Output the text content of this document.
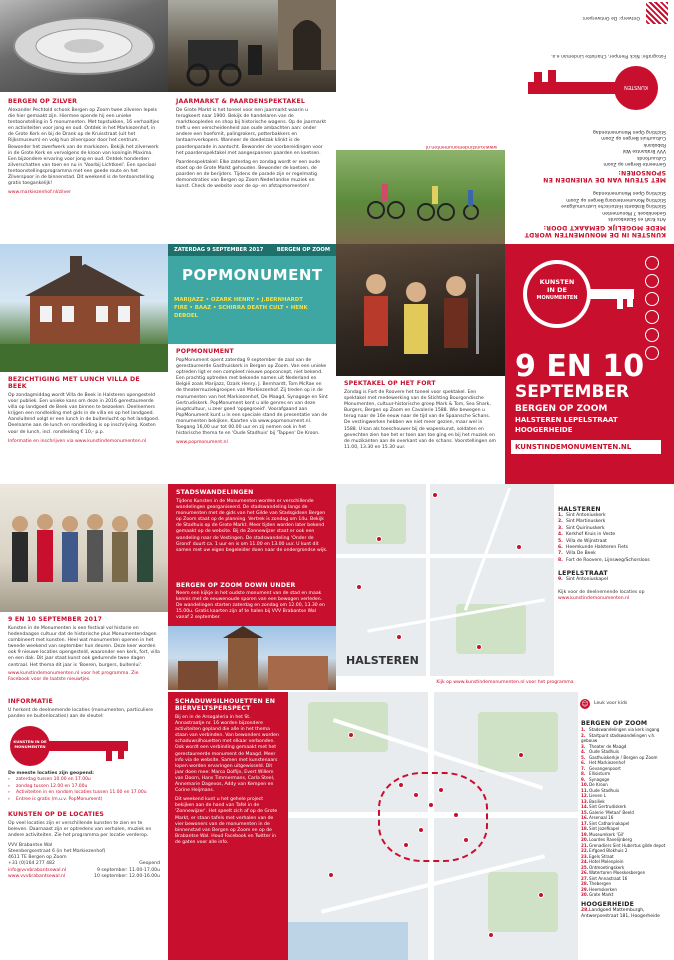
www.kunstindemonumenten.nl
KUNSTEN IN DE MONUMENTEN WORDT MEDE MOGELIJK GEMAAKT DOOR:
Arts Kraft en Skateboards
Gedenkboek 7 Monumenten
Stichting Brabants Historische Lustrumuitgave
Stichting Monumentenzorg Bergen op Zoom
Stichting Open Monumentendag
MET STEUN VAN DE VRIENDEN EN SPONSOREN:
Gemeente Bergen op Zoom
Cultuurfonds
VVV Brabantse Wal
Rabobank
Cultuurhuis Bergen op Zoom
Stichting Open Monumentendag
KUNSTEN
Fotografie: Nick Plemper, Charlotte Lindeman e.a.
Ontwerp: De Ontwerpers
BERGEN OP ZILVER
Alexander Pechtold schonk Bergen op Zoom twee zilveren lepels die hier gemaakt zijn. Hiermee opende hij een unieke tentoonstelling in 5 monumenten. Met topstukken, 16 verhaaltjes en activiteiten voor jong en oud. Ontdek in het Markiezenhof, in de Grote Kerk en bij de Drank op de Kruisstraat (uit het Rijksmuseum) en volg hun zilverspoor door het centrum. Bewonder het zwerfwerk van de markiezen. Bekijk het zilverwerk in de Grote Kerk en vervolgens de kroon van koningin Maxima. Een bijzondere ervaring voor jong en oud. Ontdek honderden zilverschatten van toen en nu in 'Voorbij Lichtkeel'. Een speciaal tentoonstellingsprogramma met een goede route en het Zilverspoor in de binnenstad. Dit weekend is de tentoonstelling gratis toegankelijk!
www.markiezenhof.nl/zilver
JAARMARKT & PAARDENSPEKTAKEL
De Grote Markt is het toneel voor een jaarmarkt waarin u terugkeert naar 1900. Bekijk de handelaren van de marktkoopleden en shop bij historische wagens. Op de jaarmarkt treft u een verscheidenheid aan oude ambachten aan: onder andere een hoefsmit, palingrokers, potterbakkers en lantaarnverkopers. Wanneer de doedelzak klinkt is de paardenparade in aantocht. Bewonder de voorbereidingen voor het paardenspektakel met aangespannen paarden en koetsen.
Paardenspektakel: Elke zaterdag en zondag wordt er een oude stoet op de Grote Markt gehouden. Bewonder de koetsen, de paarden en de berijders. Tijdens de parade zijn er regelmatig demonstraties van Bergen op Zoom Nederlandse muziek en kunst. Check de website voor de op- en afstapmomenten!
ZATERDAG 9 SEPTEMBER 2017	BERGEN OP ZOOM
POPMONUMENT
MARIJAZZ • OZARK HENRY • J.BERNHARDT
FIRE • BAAZ • SCHIRRA DEATH CULT • HENK DEBOEL
KUNSTEN
IN DE
MONUMENTEN
9 EN 10
SEPTEMBER
BERGEN OP ZOOM
HALSTEREN LEPELSTRAAT
HOOGERHEIDE
KUNSTINDEMONUMENTEN.NL
BEZICHTIGING MET LUNCH VILLA DE BEEK
Op zondagmiddag wordt Villa de Beek in Halsteren opengesteld voor publiek. Een unieke kans om deze in 2016 gerestaureerde villa op landgoed de Beek van binnen te bezoeken. Deelnemers krijgen een rondleiding met gids in de villa en op het landgoed. Aansluitend volgt er een lunch in de buitenlucht op het landgoed. Deelname aan de lunch en rondleiding is op inschrijving. Kosten voor de lunch, incl. rondleiding € 10,- p.p.
Informatie en inschrijven via www.kunstindemonumenten.nl
POPMONUMENT
PopMonument opent zaterdag 9 september de zaal van de gerestaureerde Gasthuiskerk in Bergen op Zoom. Van een unieke optreden ligt er een compleet nieuwe popconcept, niet bekend. Een prachtig optreden met bekende namen uit Nederland en België zoals Marijazz, Ozark Henry, J. Bernhardt, Tom McRae en de theatermuziekgroepen van Markiezenhof. Zij treden op in de monumenten van het Markiezenhof, De Maagd, Synagoge en Sint Gertrudiskerk. PopMonument kent u alle genres en van deze jeugdcultuur, u zeer goed 'opgegroeid'. Voorafgaand aan PopMonument kunt u in een speciale stand de presentatie van de monumenten bekijken. Kaarten via www.popmonument.nl. Toegang 16,00 uur tot 00.00 uur en zij nemen ook in het historische thema te en 'Oude Stadhuis' bij 'Tappen' De Kroon.
www.popmonument.nl
SPEKTAKEL OP HET FORT
Zondag is Fort de Roovere het toneel voor spektakel. Een spektakel met medewerking van de Stichting Bourgondische Monumenten, cultuur-historische groep Mark & Tom, Sea Shark, Burgers, Bergen op Zoom en Cavalerie 1588. Wie bewegen u terug naar de 16e eeuw naar de tijd van de Spaansche Schans. De vestingwerken hebben we niet meer gezien, maar wel in 1588. U kan als toeschouwer bij de wapenkunst, soldaten en gevechten zien hoe het er toen aan toe ging en bij het muziek en de muzikanten aan de overkant van de schans. Voorstellingen om 11.00, 13.30 en 15.30 uur.
STADSWANDELINGEN
Tijdens Kunsten in de Monumenten worden er verschillende wandelingen georganiseerd. De stadswandeling langs de monumenten met de gids van het Gilde van Stadsgidsen Bergen op Zoom staat op de planning. Vertrek is zondag om 14u. Bekijk de Stadhuis op de Grote Markt. Meer tijden worden later bekend gemaakt op de website. Bij de Zonnewijzer staat er ook een wandeling naar de Vestingen. De stadswandeling 'Onder de Grond' duurt ca. 1 uur en is om 11.00 en 13.00 uur. U kunt dit samen met uw eigen begeleider doen naar de ondergrondse wijk.
BERGEN OP ZOOM DOWN UNDER
Neem een kijkje in het oudste monument van de stad en maak kennis met de eeuwenoude sporen van een bewogen verleden. De wandelingen starten zaterdag en zondag om 12.00, 13.30 en 15.00u. Gratis kaarten zijn af te halen bij VVV Brabantse Wal vanaf 2 september.
HALSTEREN
HALSTEREN
1. Sint Antoniuskerk
2. Sint Martinuskerk
3. Sint Quirinuskerk
4. Kerkhof Kruis in Veste
5. Villa de Wijnstraat
6. Heemkunde Halsteren Fiets
7. Villa De Beek
8. Fort de Roovere, Lijnsweg/Schorsloos
LEPELSTRAAT
9. Sint Antoniuskapel
Kijk voor de deelnemende locaties op
www.kunstindemonumenten.nl
Kijk op www.kunstindemonumenten.nl voor het programma
9 EN 10 SEPTEMBER 2017
Kunsten in de Monumenten is een festival vol historie en hedendaagse cultuur dat de historische plus Monumentendagen combineert met kunsten. Heel wat monumenten openen in het tweede weekend van september hun deuren. Deze keer worden ook 9 nieuwe locaties opengesteld, waaronder een kerk, fort, villa en een dak. Dit jaar staat kunst ook gedurende twee dagen centraal. Het thema dit jaar is 'Boeren, burgers, buitenlui'.
www.kunstindemonumenten.nl voor het programma. Zie Facebook voor de laatste nieuwtjes.
INFORMATIE
U herkent de deelnemende locaties (monumenten, particuliere panden en buitenlocaties) aan de sleutel:
KUNSTEN IN DE MONUMENTEN
De meeste locaties zijn geopend:
› zaterdag tussen 10.00 en 17.00u
› zondag tussen 12.00 en 17.00u
› Activiteiten in en rondom locaties tussen 11.00 en 17.00u
› Entree is gratis (m.u.v. PopMonument)
KUNSTEN OP DE LOCATIES
Op veel locaties zijn er verschillende kunsten te zien en te beleven. Daarnaast zijn er optredens van verhalen, muziek en andere activiteiten. Zie het programma per locatie verderop.
VVV Brabantse Wal
Steenbergsestraat 6 (in het Markiezenhof)
4611 TE Bergen op Zoom
+31 (0)164 277 482	Geopend
info@vvvbrabantsewal.nl	9 september: 11.00-17.00u
www.vvvbrabantsewal.nl	10 september: 12.00-16.00u
SCHADUWSILHOUETTEN EN BIERVELTSPERSPECT
Bij en in de Arsogaleria in het St. Annastraatje nr. 16 worden bijzondere activiteiten gepland die alle in het thema staan van verbinden. Van bewonders worden schaduwsilhouetten met elkaar verbonden. Ook wordt een verbinding gemaakt met het gerestaureerde monument de Maagd. Meer info via de website. Samen met kunstenaars lopen worden ervaringen uitgewisseld. Dit jaar doen mee: Marco Dolfijn, Evert Willem van Doorn, Hans Timmermans, Carla Steel, Annemarie Dagevos, Addy van Kempen en Corine Heijmans.
Dit weekend kunt u het gehele project bekijken aan de hand van Tafel in de 'Zonnewijzer'. Het speelt zich af op de Grote Markt, er staan tafels met verhalen van de vier bewoners van de monumenten in de binnenstad van Bergen op Zoom en op de Brabantse Wal. Houd Facebook en Twitter in de gaten voor alle info.
☺ Leuk voor kids
BERGEN OP ZOOM
1. Stadswandelingen via kerk ingang
2. Startpunt stadswandelingen v.h. gebouw
3. Theater de Maagd
4. Oude Stadhuis
5. Gasthuiskerkje / Bergen op Zoom
6. Het Markiezenhof
7. Gevangenpoort
8. Ellisisturm
9. Synagoge
10.De Kroon
11.Oude Stadhuis
12.Lieven L
13.Basiliek
14.Sint Gertrudiskerk
15.Galerie 'Metaal' Beeld
16.Arsenaal 16
17.Sint Catharinakapel
18.Sint Jozefkapel
19.Museumkerk 'Gil'
20.Lourdes Ravelijnberg
21.Grenadiers Sint Hubertus gilde depot
22.Erfgoed Blokhuis 2
23.Egels Straat
24.Hotel Molenplein
25.Ontmoetingskerk
26.Watertoren Moeskesbergen
27.Sint Annastraat 16
28.Thebergen
29.Heemskerken
30.Grote Markt
HOOGERHEIDE
28.Landgoed Mattemburgh, Antwerpsestraat 181, Hoogerheide
